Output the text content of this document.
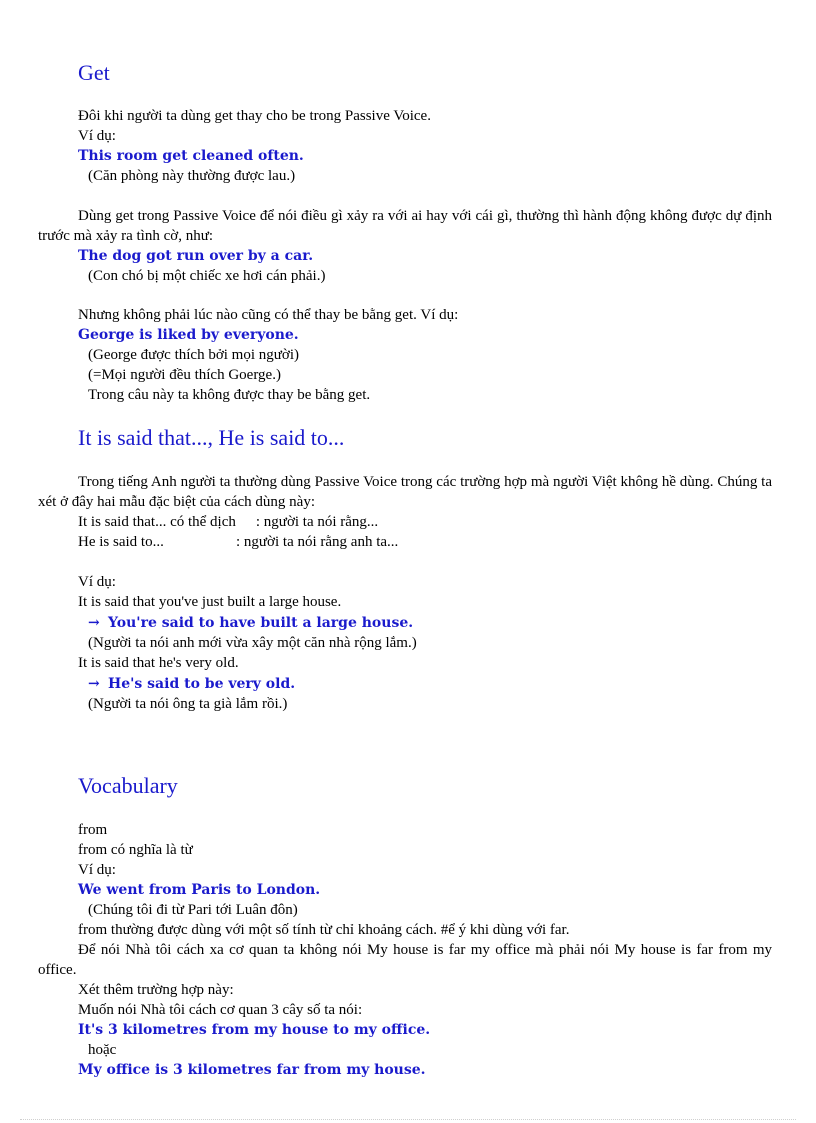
Get
Đôi khi người ta dùng get thay cho be trong Passive Voice.
Ví dụ:
This room get cleaned often.
(Căn phòng này thường được lau.)
Dùng get trong Passive Voice để nói điều gì xảy ra với ai hay với cái gì, thường thì hành động không được dự định trước mà xảy ra tình cờ, như:
The dog got run over by a car.
(Con chó bị một chiếc xe hơi cán phải.)
Nhưng không phải lúc nào cũng có thể thay be bằng get. Ví dụ:
George is liked by everyone.
(George được thích bởi mọi người)
(=Mọi người đều thích Goerge.)
Trong câu này ta không được thay be bằng get.
It is said that..., He is said to...
Trong tiếng Anh người ta thường dùng Passive Voice trong các trường hợp mà người Việt không hề dùng. Chúng ta xét ở đây hai mẫu đặc biệt của cách dùng này:
It is said that... có thể dịch : người ta nói rằng...
He is said to...	: người ta nói rằng anh ta...
Ví dụ:
It is said that you've just built a large house.
→ You're said to have built a large house.
(Người ta nói anh mới vừa xây một căn nhà rộng lắm.)
It is said that he's very old.
→ He's said to be very old.
(Người ta nói ông ta già lắm rồi.)
Vocabulary
from
from có nghĩa là từ
Ví dụ:
We went from Paris to London.
(Chúng tôi đi từ Pari tới Luân đôn)
from thường được dùng với một số tính từ chỉ khoảng cách. #ể ý khi dùng với far.
Để nói Nhà tôi cách xa cơ quan ta không nói My house is far my office mà phải nói My house is far from my office.
Xét thêm trường hợp này:
Muốn nói Nhà tôi cách cơ quan 3 cây số ta nói:
It's 3 kilometres from my house to my office.
hoặc
My office is 3 kilometres far from my house.
